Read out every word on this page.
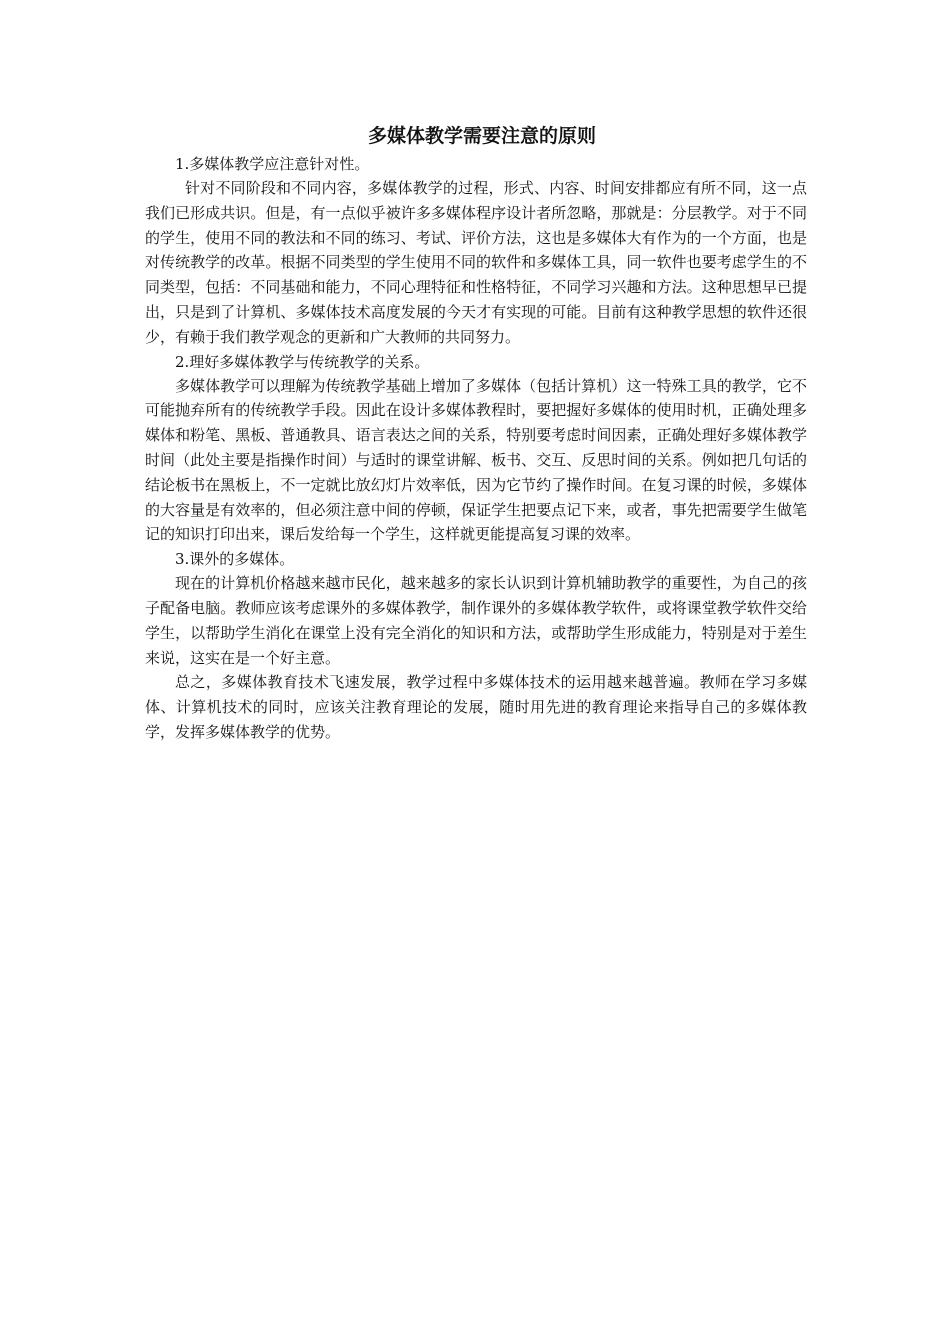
多媒体教学需要注意的原则

1.多媒体教学应注意针对性。

针对不同阶段和不同内容，多媒体教学的过程，形式、内容、时间安排都应有所不同，这一点我们已形成共识。但是，有一点似乎被许多多媒体程序设计者所忽略，那就是：分层教学。对于不同的学生，使用不同的教法和不同的练习、考试、评价方法，这也是多媒体大有作为的一个方面，也是对传统教学的改革。根据不同类型的学生使用不同的软件和多媒体工具，同一软件也要考虑学生的不同类型，包括：不同基础和能力，不同心理特征和性格特征，不同学习兴趣和方法。这种思想早已提出，只是到了计算机、多媒体技术高度发展的今天才有实现的可能。目前有这种教学思想的软件还很少，有赖于我们教学观念的更新和广大教师的共同努力。

2.理好多媒体教学与传统教学的关系。

多媒体教学可以理解为传统教学基础上增加了多媒体（包括计算机）这一特殊工具的教学，它不可能抛弃所有的传统教学手段。因此在设计多媒体教程时，要把握好多媒体的使用时机，正确处理多媒体和粉笔、黑板、普通教具、语言表达之间的关系，特别要考虑时间因素，正确处理好多媒体教学时间（此处主要是指操作时间）与适时的课堂讲解、板书、交互、反思时间的关系。例如把几句话的结论板书在黑板上，不一定就比放幻灯片效率低，因为它节约了操作时间。在复习课的时候，多媒体的大容量是有效率的，但必须注意中间的停顿，保证学生把要点记下来，或者，事先把需要学生做笔记的知识打印出来，课后发给每一个学生，这样就更能提高复习课的效率。

3.课外的多媒体。

现在的计算机价格越来越市民化，越来越多的家长认识到计算机辅助教学的重要性，为自己的孩子配备电脑。教师应该考虑课外的多媒体教学，制作课外的多媒体教学软件，或将课堂教学软件交给学生，以帮助学生消化在课堂上没有完全消化的知识和方法，或帮助学生形成能力，特别是对于差生来说，这实在是一个好主意。

总之，多媒体教育技术飞速发展，教学过程中多媒体技术的运用越来越普遍。教师在学习多媒体、计算机技术的同时，应该关注教育理论的发展，随时用先进的教育理论来指导自己的多媒体教学，发挥多媒体教学的优势。
